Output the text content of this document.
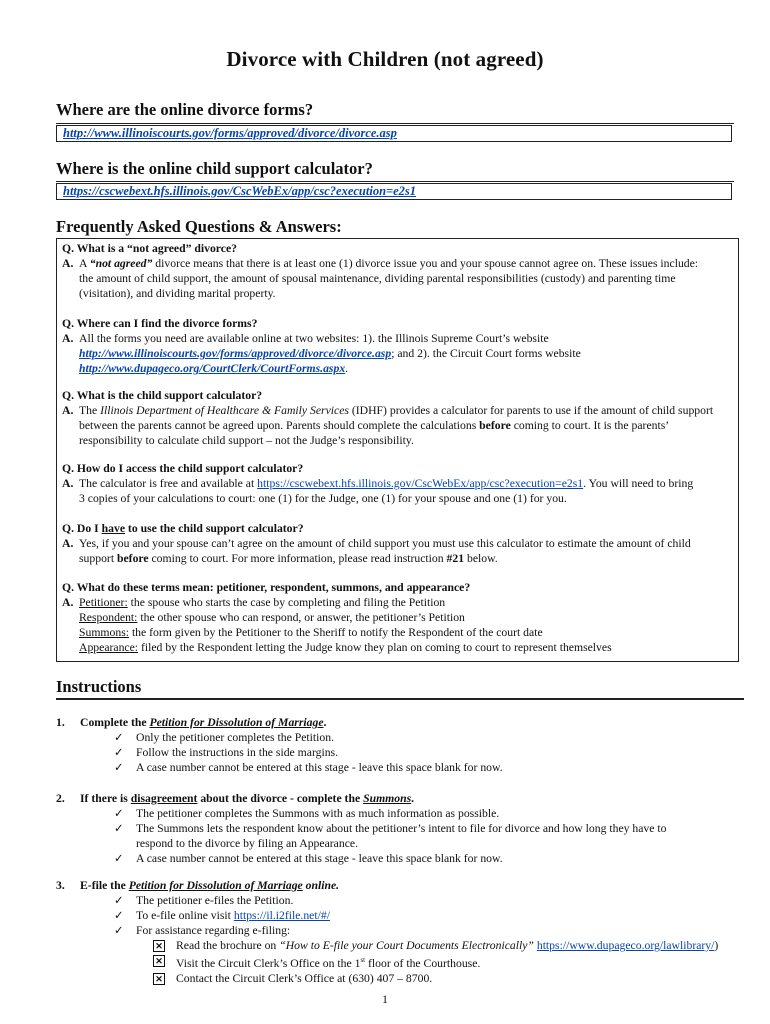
Divorce with Children (not agreed)
Where are the online divorce forms?
http://www.illinoiscourts.gov/forms/approved/divorce/divorce.asp
Where is the online child support calculator?
https://cscwebext.hfs.illinois.gov/CscWebEx/app/csc?execution=e2s1
Frequently Asked Questions & Answers:
Q. What is a “not agreed” divorce?
A. A “not agreed” divorce means that there is at least one (1) divorce issue you and your spouse cannot agree on. These issues include:
the amount of child support, the amount of spousal maintenance, dividing parental responsibilities (custody) and parenting time
(visitation), and dividing marital property.
Q. Where can I find the divorce forms?
A. All the forms you need are available online at two websites: 1). the Illinois Supreme Court’s website
http://www.illinoiscourts.gov/forms/approved/divorce/divorce.asp; and 2). the Circuit Court forms website
http://www.dupageco.org/CourtClerk/CourtForms.aspx.
Q. What is the child support calculator?
A. The Illinois Department of Healthcare & Family Services (IDHF) provides a calculator for parents to use if the amount of child support
between the parents cannot be agreed upon. Parents should complete the calculations before coming to court. It is the parents’
responsibility to calculate child support – not the Judge’s responsibility.
Q. How do I access the child support calculator?
A. The calculator is free and available at https://cscwebext.hfs.illinois.gov/CscWebEx/app/csc?execution=e2s1. You will need to bring
3 copies of your calculations to court: one (1) for the Judge, one (1) for your spouse and one (1) for you.
Q. Do I have to use the child support calculator?
A. Yes, if you and your spouse can’t agree on the amount of child support you must use this calculator to estimate the amount of child
support before coming to court. For more information, please read instruction #21 below.
Q. What do these terms mean: petitioner, respondent, summons, and appearance?
A. Petitioner: the spouse who starts the case by completing and filing the Petition
Respondent: the other spouse who can respond, or answer, the petitioner’s Petition
Summons: the form given by the Petitioner to the Sheriff to notify the Respondent of the court date
Appearance: filed by the Respondent letting the Judge know they plan on coming to court to represent themselves
Instructions
1.	Complete the Petition for Dissolution of Marriage.
✓ Only the petitioner completes the Petition.
✓ Follow the instructions in the side margins.
✓ A case number cannot be entered at this stage - leave this space blank for now.
2.	If there is disagreement about the divorce - complete the Summons.
✓ The petitioner completes the Summons with as much information as possible.
✓ The Summons lets the respondent know about the petitioner’s intent to file for divorce and how long they have to
respond to the divorce by filing an Appearance.
✓ A case number cannot be entered at this stage - leave this space blank for now.
3.	E-file the Petition for Dissolution of Marriage online.
✓ The petitioner e-files the Petition.
✓ To e-file online visit https://il.i2file.net/#/
✓ For assistance regarding e-filing:
✕ Read the brochure on “How to E-file your Court Documents Electronically” https://www.dupageco.org/lawlibrary/)
✕ Visit the Circuit Clerk’s Office on the 1st floor of the Courthouse.
✕ Contact the Circuit Clerk’s Office at (630) 407 – 8700.
1
